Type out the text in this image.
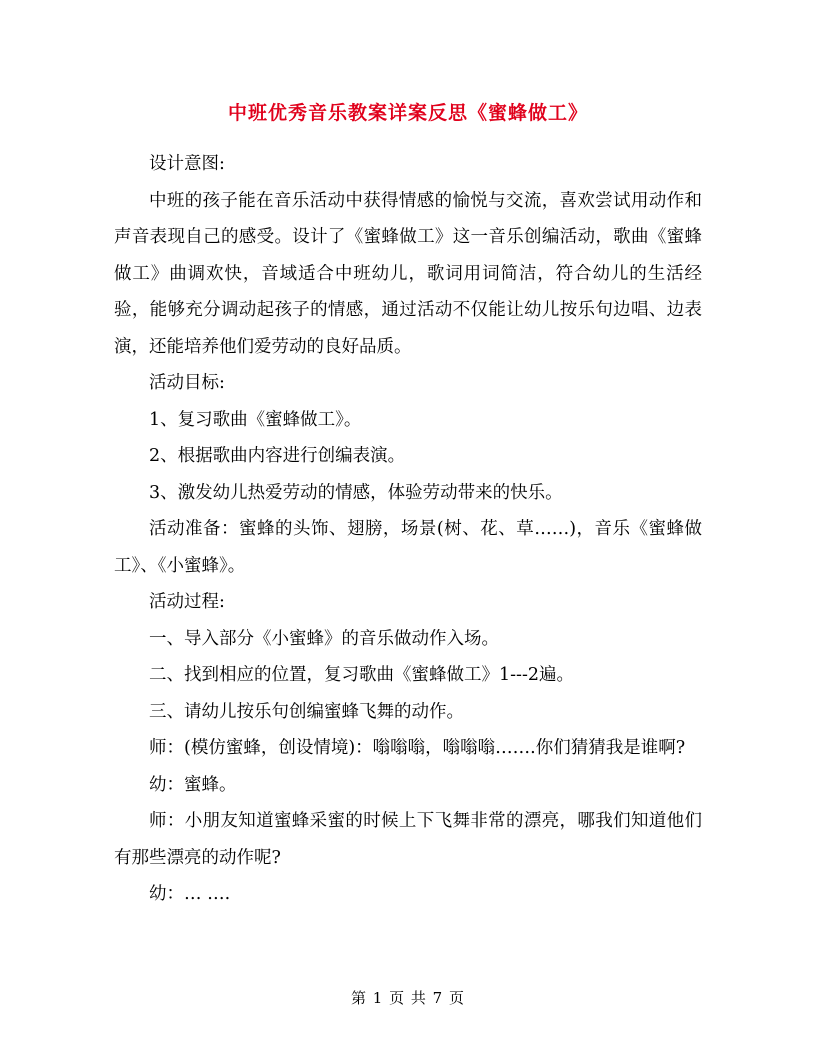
中班优秀音乐教案详案反思《蜜蜂做工》

设计意图:

中班的孩子能在音乐活动中获得情感的愉悦与交流，喜欢尝试用动作和声音表现自己的感受。设计了《蜜蜂做工》这一音乐创编活动，歌曲《蜜蜂做工》曲调欢快，音域适合中班幼儿，歌词用词简洁，符合幼儿的生活经验，能够充分调动起孩子的情感，通过活动不仅能让幼儿按乐句边唱、边表演，还能培养他们爱劳动的良好品质。

活动目标:

1、复习歌曲《蜜蜂做工》。

2、根据歌曲内容进行创编表演。

3、激发幼儿热爱劳动的情感，体验劳动带来的快乐。

活动准备：蜜蜂的头饰、翅膀，场景(树、花、草……)，音乐《蜜蜂做工》、《小蜜蜂》。

活动过程:

一、导入部分《小蜜蜂》的音乐做动作入场。

二、找到相应的位置，复习歌曲《蜜蜂做工》1---2遍。

三、请幼儿按乐句创编蜜蜂飞舞的动作。

师：(模仿蜜蜂，创设情境)：嗡嗡嗡，嗡嗡嗡…….你们猜猜我是谁啊?

幼：蜜蜂。

师：小朋友知道蜜蜂采蜜的时候上下飞舞非常的漂亮，哪我们知道他们有那些漂亮的动作呢?

幼：… ….

第 1 页 共 7 页
